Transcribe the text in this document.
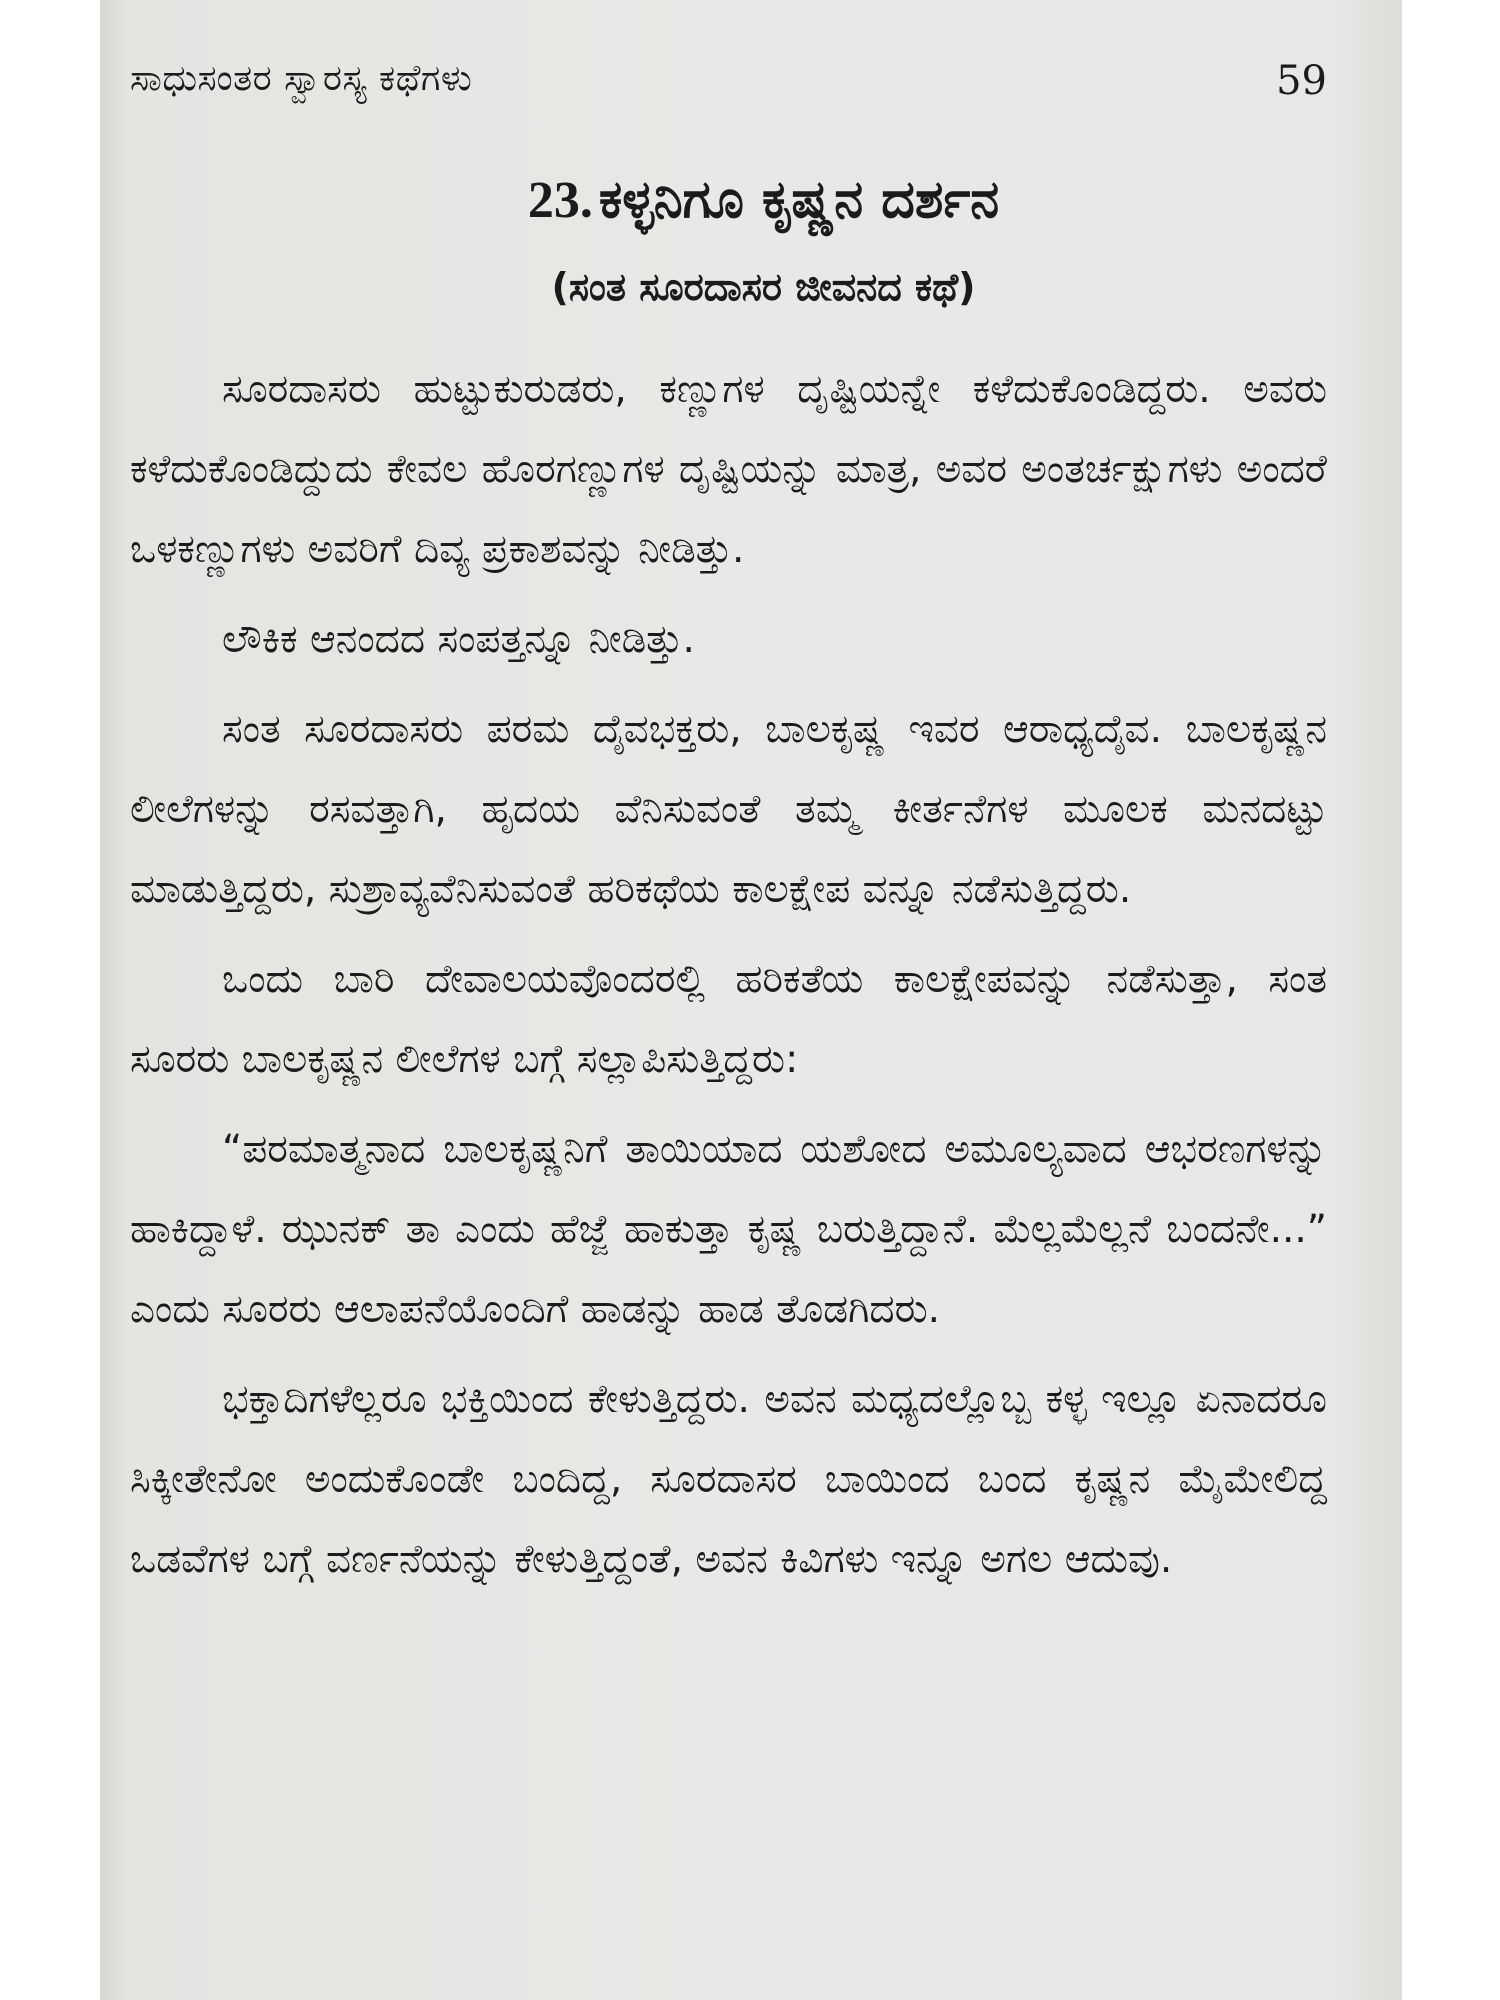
ಸಾಧುಸಂತರ ಸ್ವಾರಸ್ಯ ಕಥೆಗಳು	59
23. ಕಳ್ಳನಿಗೂ ಕೃಷ್ಣನ ದರ್ಶನ
(ಸಂತ ಸೂರದಾಸರ ಜೀವನದ ಕಥೆ)

ಸೂರದಾಸರು ಹುಟ್ಟುಕುರುಡರು, ಕಣ್ಣುಗಳ ದೃಷ್ಟಿಯನ್ನೇ ಕಳೆದುಕೊಂಡಿದ್ದರು. ಅವರು ಕಳೆದುಕೊಂಡಿದ್ದುದು ಕೇವಲ ಹೊರಗಣ್ಣುಗಳ ದೃಷ್ಟಿಯನ್ನು ಮಾತ್ರ, ಅವರ ಅಂತರ್ಚಕ್ಷುಗಳು ಅಂದರೆ ಒಳಕಣ್ಣುಗಳು ಅವರಿಗೆ ದಿವ್ಯ ಪ್ರಕಾಶವನ್ನು ನೀಡಿತ್ತು.

ಲೌಕಿಕ ಆನಂದದ ಸಂಪತ್ತನ್ನೂ ನೀಡಿತ್ತು.

ಸಂತ ಸೂರದಾಸರು ಪರಮ ದೈವಭಕ್ತರು, ಬಾಲಕೃಷ್ಣ ಇವರ ಆರಾಧ್ಯದೈವ. ಬಾಲಕೃಷ್ಣನ ಲೀಲೆಗಳನ್ನು ರಸವತ್ತಾಗಿ, ಹೃದಯ ವೆನಿಸುವಂತೆ ತಮ್ಮ ಕೀರ್ತನೆಗಳ ಮೂಲಕ ಮನದಟ್ಟು ಮಾಡುತ್ತಿದ್ದರು, ಸುಶ್ರಾವ್ಯವೆನಿಸುವಂತೆ ಹರಿಕಥೆಯ ಕಾಲಕ್ಷೇಪ ವನ್ನೂ ನಡೆಸುತ್ತಿದ್ದರು.

ಒಂದು ಬಾರಿ ದೇವಾಲಯವೊಂದರಲ್ಲಿ ಹರಿಕತೆಯ ಕಾಲಕ್ಷೇಪವನ್ನು ನಡೆಸುತ್ತಾ, ಸಂತ ಸೂರರು ಬಾಲಕೃಷ್ಣನ ಲೀಲೆಗಳ ಬಗ್ಗೆ ಸಲ್ಲಾಪಿಸುತ್ತಿದ್ದರು:

“ಪರಮಾತ್ಮನಾದ ಬಾಲಕೃಷ್ಣನಿಗೆ ತಾಯಿಯಾದ ಯಶೋದ ಅಮೂಲ್ಯವಾದ ಆಭರಣಗಳನ್ನು ಹಾಕಿದ್ದಾಳೆ. ಝುನಕ್ ತಾ ಎಂದು ಹೆಜ್ಜೆ ಹಾಕುತ್ತಾ ಕೃಷ್ಣ ಬರುತ್ತಿದ್ದಾನೆ. ಮೆಲ್ಲಮೆಲ್ಲನೆ ಬಂದನೇ...” ಎಂದು ಸೂರರು ಆಲಾಪನೆಯೊಂದಿಗೆ ಹಾಡನ್ನು ಹಾಡ ತೊಡಗಿದರು.

ಭಕ್ತಾದಿಗಳೆಲ್ಲರೂ ಭಕ್ತಿಯಿಂದ ಕೇಳುತ್ತಿದ್ದರು. ಅವನ ಮಧ್ಯದಲ್ಲೊಬ್ಬ ಕಳ್ಳ ಇಲ್ಲೂ ಏನಾದರೂ ಸಿಕ್ಕೀತೇನೋ ಅಂದುಕೊಂಡೇ ಬಂದಿದ್ದ, ಸೂರದಾಸರ ಬಾಯಿಂದ ಬಂದ ಕೃಷ್ಣನ ಮೈಮೇಲಿದ್ದ ಒಡವೆಗಳ ಬಗ್ಗೆ ವರ್ಣನೆಯನ್ನು ಕೇಳುತ್ತಿದ್ದಂತೆ, ಅವನ ಕಿವಿಗಳು ಇನ್ನೂ ಅಗಲ ಆದುವು.
